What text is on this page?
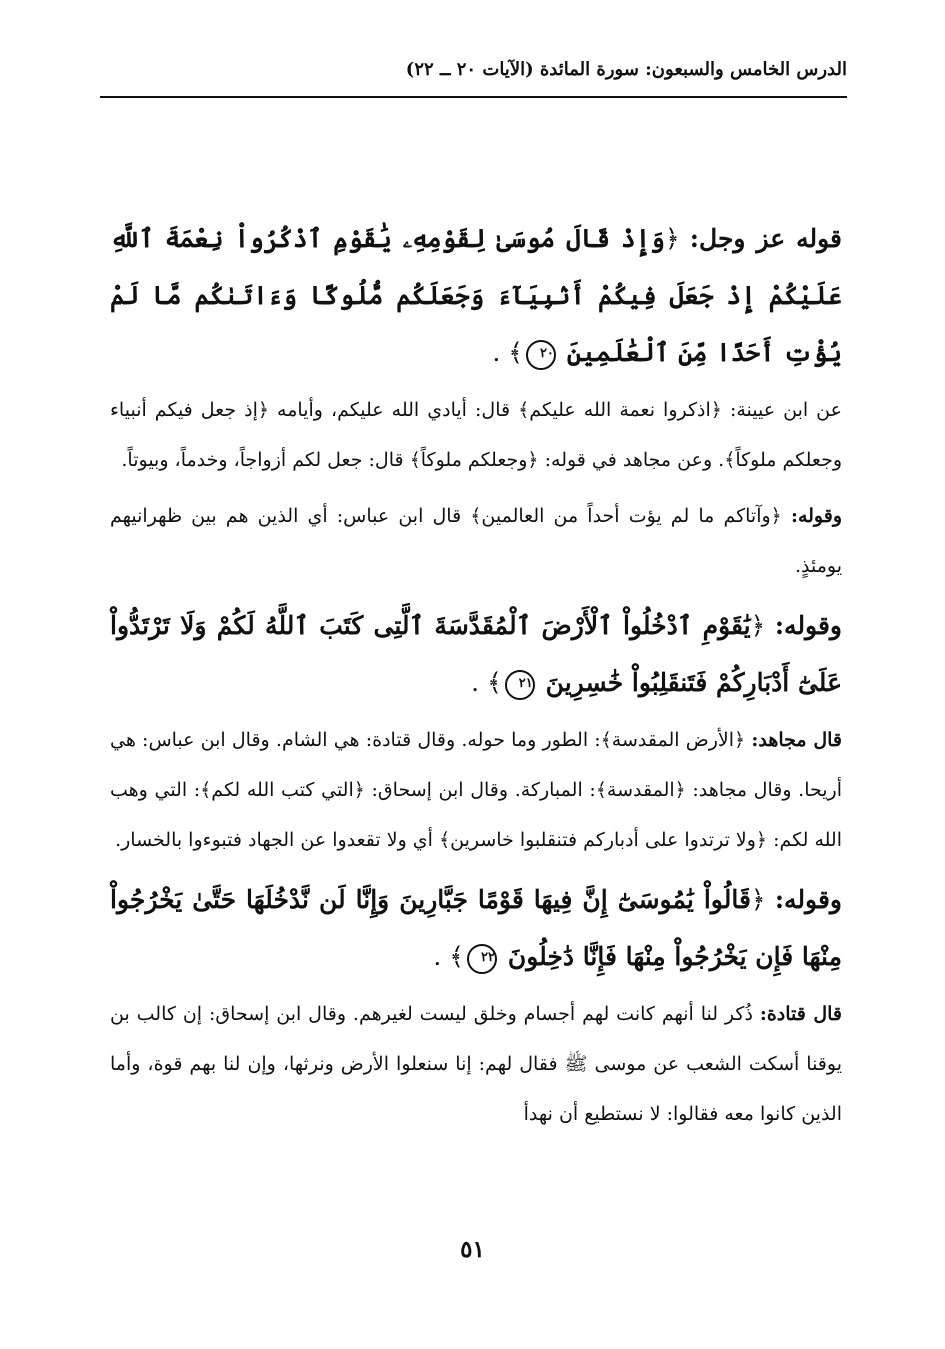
الدرس الخامس والسبعون: سورة المائدة (الآيات ٢٠ ــ ٢٢)

قوله عز وجل: ﴿وَإِذْ قَالَ مُوسَىٰ لِقَوْمِهِۦ يَٰقَوْمِ ٱذْكُرُواْ نِعْمَةَ ٱللَّهِ عَلَيْكُمْ إِذْ جَعَلَ فِيكُمْ أَنۢبِيَآءَ وَجَعَلَكُم مُّلُوكًا وَءَاتَىٰكُم مَّا لَمْ يُؤْتِ أَحَدًا مِّنَ ٱلْعَٰلَمِينَ ٢٠﴾ .

عن ابن عيينة: ﴿اذكروا نعمة الله عليكم﴾ قال: أيادي الله عليكم، وأيامه ﴿إذ جعل فيكم أنبياء وجعلكم ملوكاً﴾. وعن مجاهد في قوله: ﴿وجعلكم ملوكاً﴾ قال: جعل لكم أزواجاً، وخدماً، وبيوتاً.

وقوله: ﴿وآتاكم ما لم يؤت أحداً من العالمين﴾ قال ابن عباس: أي الذين هم بين ظهرانيهم يومئذٍ.

وقوله: ﴿يَٰقَوْمِ ٱدْخُلُواْ ٱلْأَرْضَ ٱلْمُقَدَّسَةَ ٱلَّتِى كَتَبَ ٱللَّهُ لَكُمْ وَلَا تَرْتَدُّواْ عَلَىٰٓ أَدْبَارِكُمْ فَتَنقَلِبُواْ خَٰسِرِينَ ٢١﴾ .

قال مجاهد: ﴿الأرض المقدسة﴾: الطور وما حوله. وقال قتادة: هي الشام. وقال ابن عباس: هي أريحا. وقال مجاهد: ﴿المقدسة﴾: المباركة. وقال ابن إسحاق: ﴿التي كتب الله لكم﴾: التي وهب الله لكم: ﴿ولا ترتدوا على أدباركم فتنقلبوا خاسرين﴾ أي ولا تقعدوا عن الجهاد فتبوءوا بالخسار.

وقوله: ﴿قَالُواْ يَٰمُوسَىٰٓ إِنَّ فِيهَا قَوْمًا جَبَّارِينَ وَإِنَّا لَن نَّدْخُلَهَا حَتَّىٰ يَخْرُجُواْ مِنْهَا فَإِن يَخْرُجُواْ مِنْهَا فَإِنَّا دَٰخِلُونَ ٢٢﴾ .

قال قتادة: ذُكر لنا أنهم كانت لهم أجسام وخلق ليست لغيرهم. وقال ابن إسحاق: إن كالب بن يوقنا أسكت الشعب عن موسى ﷺ فقال لهم: إنا سنعلوا الأرض ونرثها، وإن لنا بهم قوة، وأما الذين كانوا معه فقالوا: لا نستطيع أن نهدأ

٥١
